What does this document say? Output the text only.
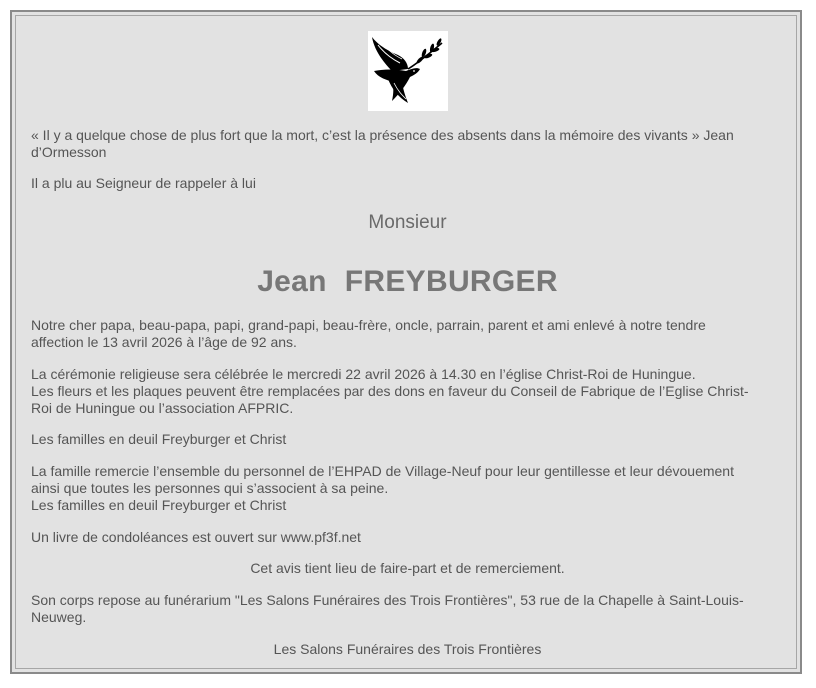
« Il y a quelque chose de plus fort que la mort, c’est la présence des absents dans la mémoire des vivants » Jean
d’Ormesson
Il a plu au Seigneur de rappeler à lui
Monsieur
Jean FREYBURGER
Notre cher papa, beau-papa, papi, grand-papi, beau-frère, oncle, parrain, parent et ami enlevé à notre tendre
affection le 13 avril 2026 à l’âge de 92 ans.
La cérémonie religieuse sera célébrée le mercredi 22 avril 2026 à 14.30 en l’église Christ-Roi de Huningue.
Les fleurs et les plaques peuvent être remplacées par des dons en faveur du Conseil de Fabrique de l’Eglise Christ-
Roi de Huningue ou l’association AFPRIC.
Les familles en deuil Freyburger et Christ
La famille remercie l’ensemble du personnel de l’EHPAD de Village-Neuf pour leur gentillesse et leur dévouement
ainsi que toutes les personnes qui s’associent à sa peine.
Les familles en deuil Freyburger et Christ
Un livre de condoléances est ouvert sur www.pf3f.net
Cet avis tient lieu de faire-part et de remerciement.
Son corps repose au funérarium "Les Salons Funéraires des Trois Frontières", 53 rue de la Chapelle à Saint-Louis-
Neuweg.
Les Salons Funéraires des Trois Frontières
